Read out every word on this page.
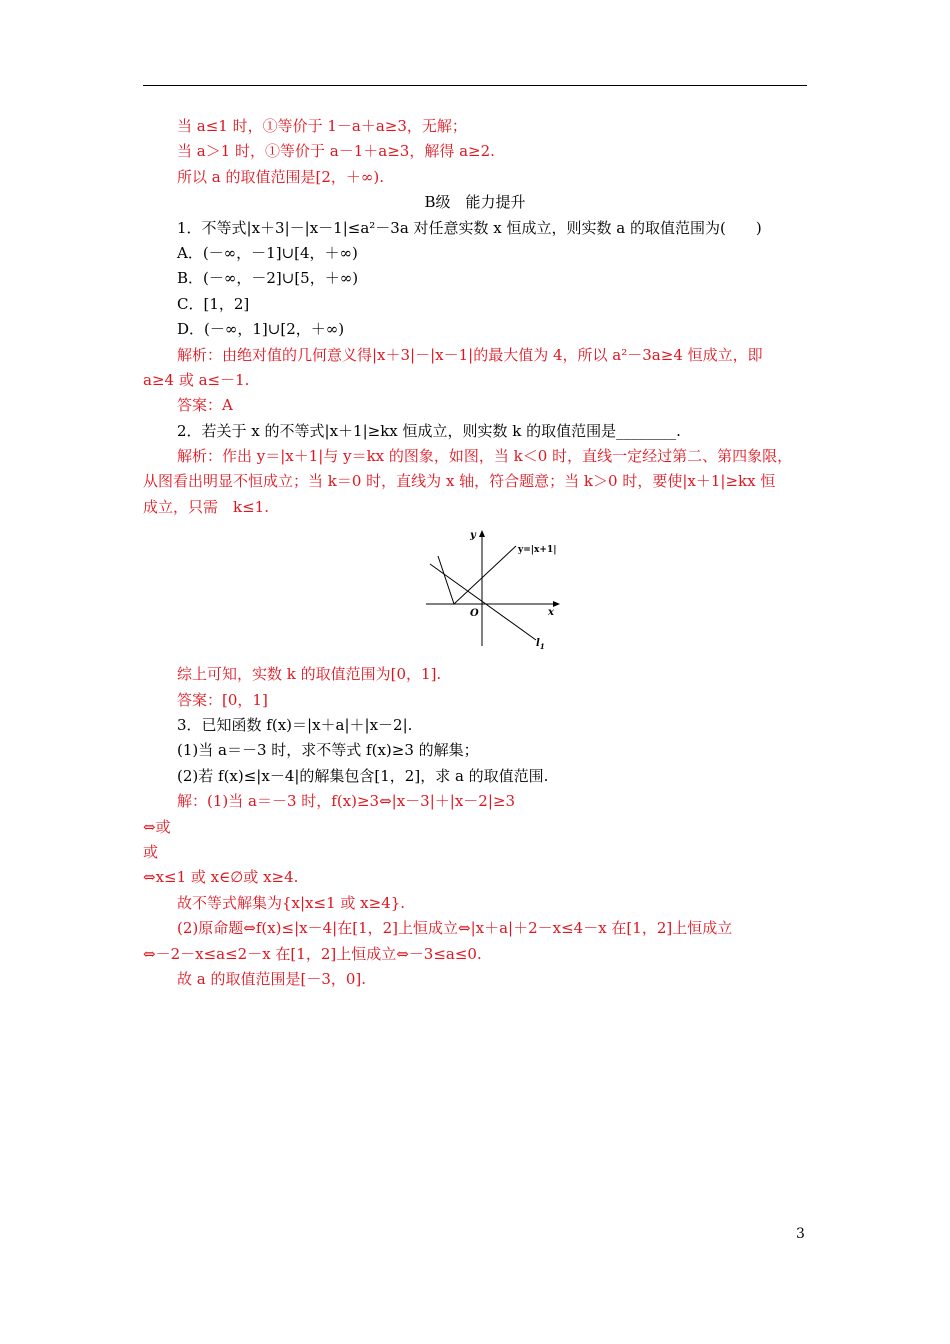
当 a≤1 时，①等价于 1－a＋a≥3，无解；
当 a＞1 时，①等价于 a－1＋a≥3，解得 a≥2.
所以 a 的取值范围是[2，＋∞).
B级　能力提升
1．不等式|x＋3|－|x－1|≤a²－3a 对任意实数 x 恒成立，则实数 a 的取值范围为(　　)
A．(－∞，－1]∪[4，＋∞)
B．(－∞，－2]∪[5，＋∞)
C．[1，2]
D．(－∞，1]∪[2，＋∞)
解析：由绝对值的几何意义得|x＋3|－|x－1|的最大值为 4，所以 a²－3a≥4 恒成立，即
a≥4 或 a≤－1.
答案：A
2．若关于 x 的不等式|x＋1|≥kx 恒成立，则实数 k 的取值范围是________.
解析：作出 y＝|x＋1|与 y＝kx 的图象，如图，当 k＜0 时，直线一定经过第二、第四象限，
从图看出明显不恒成立；当 k＝0 时，直线为 x 轴，符合题意；当 k＞0 时，要使|x＋1|≥kx 恒
成立，只需　k≤1.
y
x
O
y=|x+1|
$l_1$
综上可知，实数 k 的取值范围为[0，1].
答案：[0，1]
3．已知函数 f(x)＝|x＋a|＋|x－2|.
(1)当 a＝－3 时，求不等式 f(x)≥3 的解集；
(2)若 f(x)≤|x－4|的解集包含[1，2]，求 a 的取值范围.
解：(1)当 a＝－3 时，f(x)≥3⇔|x－3|＋|x－2|≥3
⇔或
或
⇔x≤1 或 x∈∅或 x≥4.
故不等式解集为{x|x≤1 或 x≥4}.
(2)原命题⇔f(x)≤|x－4|在[1，2]上恒成立⇔|x＋a|＋2－x≤4－x 在[1，2]上恒成立
⇔－2－x≤a≤2－x 在[1，2]上恒成立⇔－3≤a≤0.
故 a 的取值范围是[－3，0].
3
